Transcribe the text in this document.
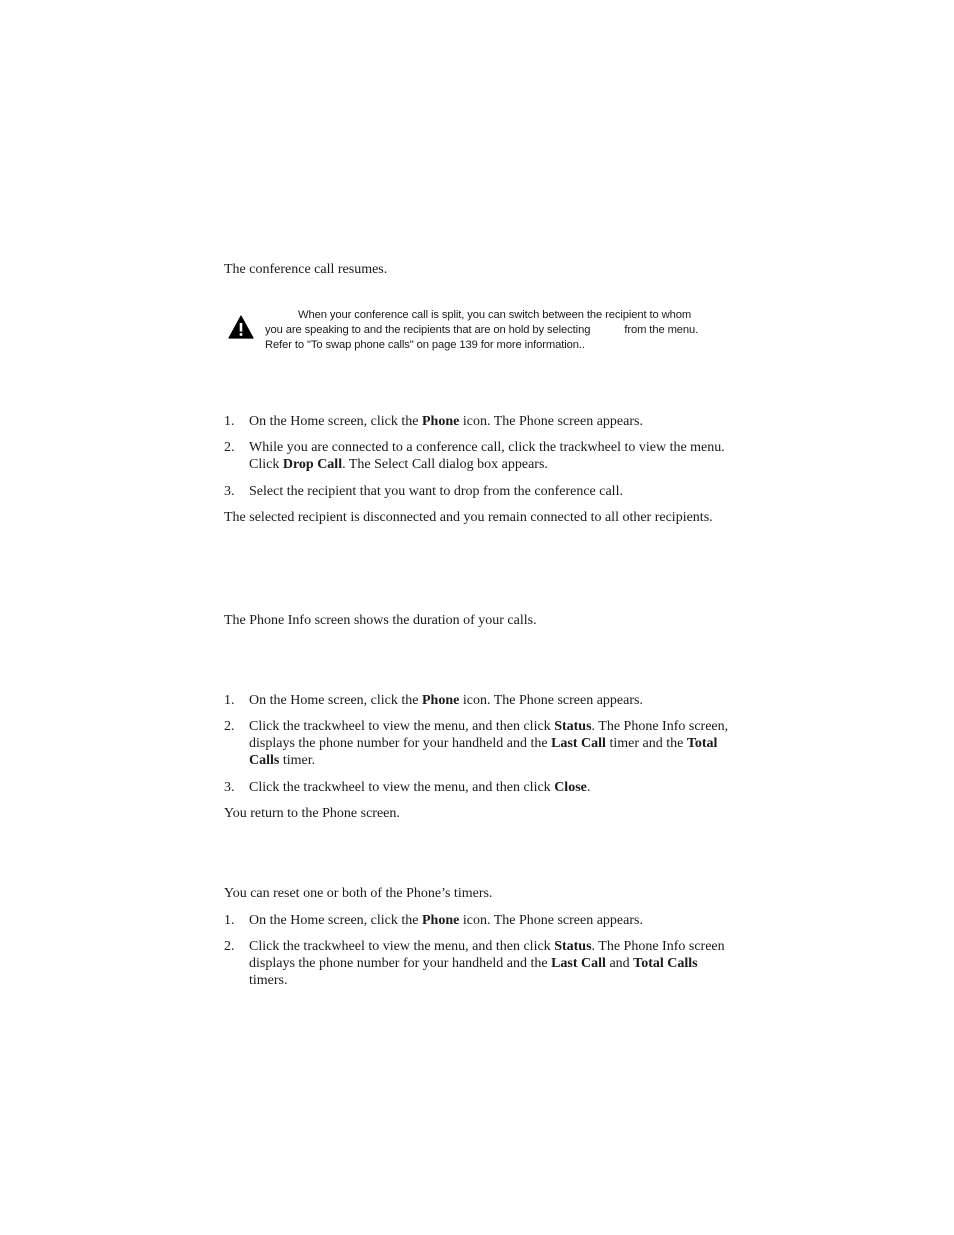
The conference call resumes.

When your conference call is split, you can switch between the recipient to whom
you are speaking to and the recipients that are on hold by selecting	from the menu.
Refer to "To swap phone calls" on page 139 for more information..
1.	On the Home screen, click the Phone icon. The Phone screen appears.
2.	While you are connected to a conference call, click the trackwheel to view the menu. Click Drop Call. The Select Call dialog box appears.
3.	Select the recipient that you want to drop from the conference call.

The selected recipient is disconnected and you remain connected to all other recipients.

The Phone Info screen shows the duration of your calls.

1.	On the Home screen, click the Phone icon. The Phone screen appears.
2.	Click the trackwheel to view the menu, and then click Status. The Phone Info screen, displays the phone number for your handheld and the Last Call timer and the Total Calls timer.
3.	Click the trackwheel to view the menu, and then click Close.

You return to the Phone screen.

You can reset one or both of the Phone’s timers.

1.	On the Home screen, click the Phone icon. The Phone screen appears.
2.	Click the trackwheel to view the menu, and then click Status. The Phone Info screen displays the phone number for your handheld and the Last Call and Total Calls timers.
